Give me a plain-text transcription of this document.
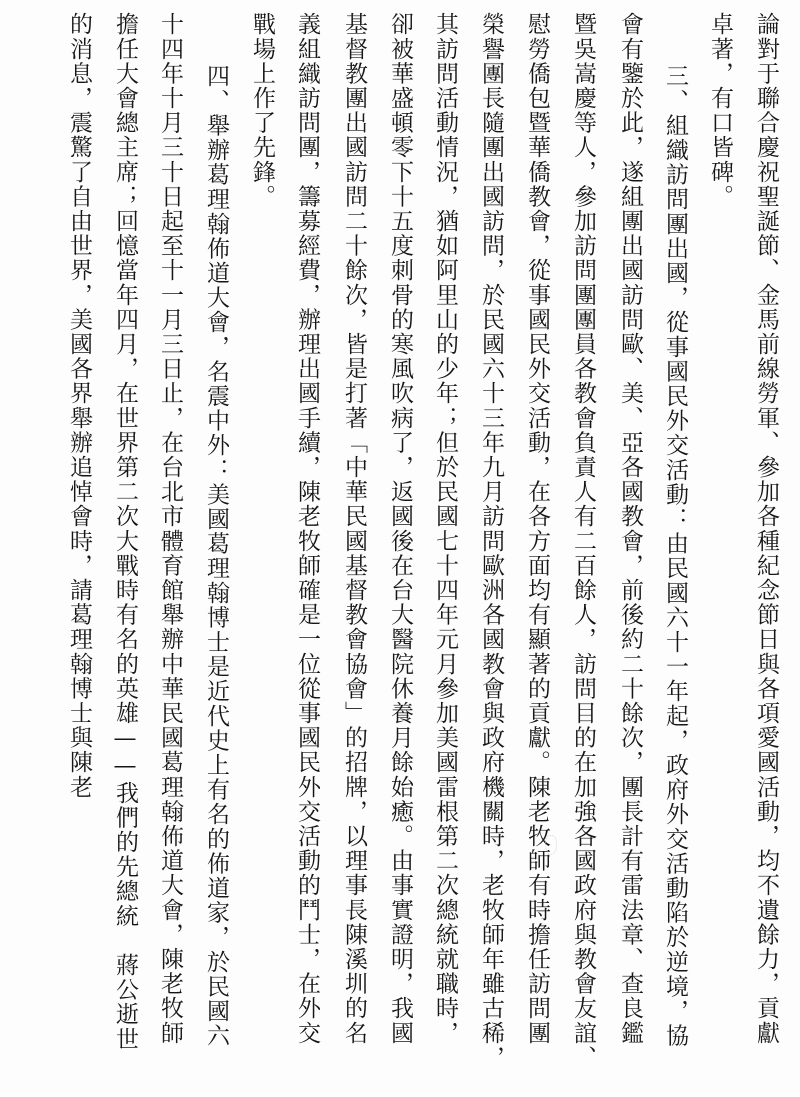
論對于聯合慶祝聖誕節、金馬前線勞軍、參加各種紀念節日與各項愛國活動，均不遺餘力，貢獻
卓著，有口皆碑。
三、組織訪問團出國，從事國民外交活動：由民國六十一年起，政府外交活動陷於逆境，協
會有鑒於此，遂組團出國訪問歐、美、亞各國教會，前後約二十餘次，團長計有雷法章、查良鑑
暨吳嵩慶等人，參加訪問團團員各教會負責人有二百餘人，訪問目的在加強各國政府與教會友誼、
慰勞僑包暨華僑教會，從事國民外交活動，在各方面均有顯著的貢獻。陳老牧師有時擔任訪問團
榮譽團長隨團出國訪問，於民國六十三年九月訪問歐洲各國教會與政府機關時，老牧師年雖古稀，
其訪問活動情況，猶如阿里山的少年；但於民國七十四年元月參加美國雷根第二次總統就職時，
卻被華盛頓零下十五度刺骨的寒風吹病了，返國後在台大醫院休養月餘始癒。由事實證明，我國
基督教團出國訪問二十餘次，皆是打著「中華民國基督教會協會」的招牌，以理事長陳溪圳的名
義組織訪問團，籌募經費，辦理出國手續，陳老牧師確是一位從事國民外交活動的鬥士，在外交
戰場上作了先鋒。
四、舉辦葛理翰佈道大會，名震中外：美國葛理翰博士是近代史上有名的佈道家，於民國六
十四年十月三十日起至十一月三日止，在台北市體育館舉辦中華民國葛理翰佈道大會，陳老牧師
擔任大會總主席；回憶當年四月，在世界第二次大戰時有名的英雄——我們的先總統　蔣公逝世
的消息，震驚了自由世界，美國各界舉辦追悼會時，請葛理翰博士與陳老
